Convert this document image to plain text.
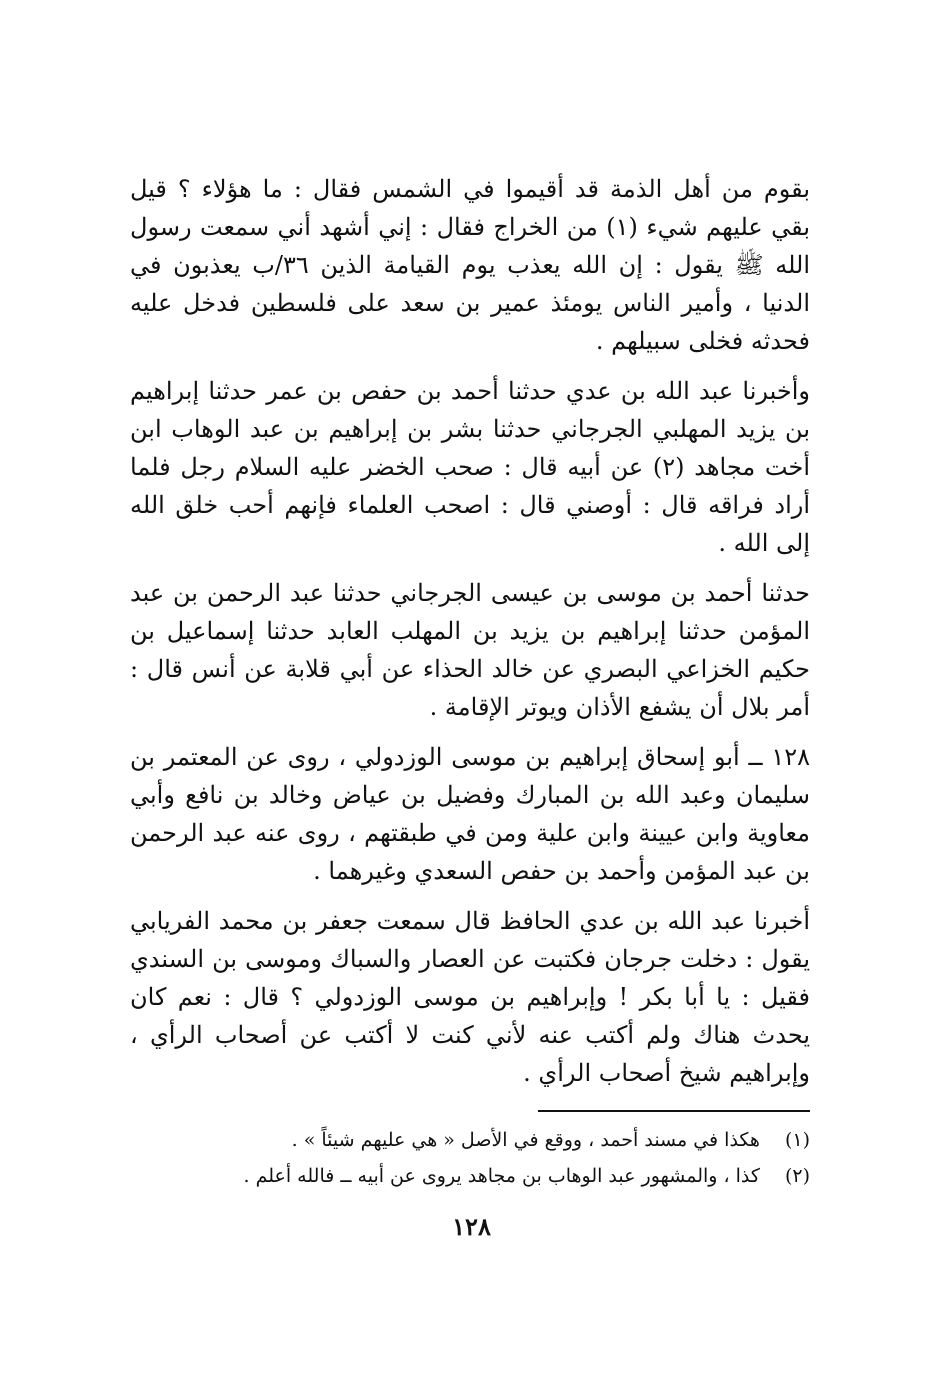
بقوم من أهل الذمة قد أقيموا في الشمس فقال : ما هؤلاء ؟ قيل بقي عليهم شيء (١) من الخراج فقال : إني أشهد أني سمعت رسول الله ﷺ يقول : إن الله يعذب يوم القيامة الذين ٣٦/ب يعذبون في الدنيا ، وأمير الناس يومئذ عمير بن سعد على فلسطين فدخل عليه فحدثه فخلى سبيلهم .

وأخبرنا عبد الله بن عدي حدثنا أحمد بن حفص بن عمر حدثنا إبراهيم بن يزيد المهلبي الجرجاني حدثنا بشر بن إبراهيم بن عبد الوهاب ابن أخت مجاهد (٢) عن أبيه قال : صحب الخضر عليه السلام رجل فلما أراد فراقه قال : أوصني قال : اصحب العلماء فإنهم أحب خلق الله إلى الله .

حدثنا أحمد بن موسى بن عيسى الجرجاني حدثنا عبد الرحمن بن عبد المؤمن حدثنا إبراهيم بن يزيد بن المهلب العابد حدثنا إسماعيل بن حكيم الخزاعي البصري عن خالد الحذاء عن أبي قلابة عن أنس قال : أمر بلال أن يشفع الأذان ويوتر الإقامة .

١٢٨ ــ أبو إسحاق إبراهيم بن موسى الوزدولي ، روى عن المعتمر بن سليمان وعبد الله بن المبارك وفضيل بن عياض وخالد بن نافع وأبي معاوية وابن عيينة وابن علية ومن في طبقتهم ، روى عنه عبد الرحمن بن عبد المؤمن وأحمد بن حفص السعدي وغيرهما .

أخبرنا عبد الله بن عدي الحافظ قال سمعت جعفر بن محمد الفريابي يقول : دخلت جرجان فكتبت عن العصار والسباك وموسى بن السندي فقيل : يا أبا بكر ! وإبراهيم بن موسى الوزدولي ؟ قال : نعم كان يحدث هناك ولم أكتب عنه لأني كنت لا أكتب عن أصحاب الرأي ، وإبراهيم شيخ أصحاب الرأي .

(١) هكذا في مسند أحمد ، ووقع في الأصل « هي عليهم شيئاً » .
(٢) كذا ، والمشهور عبد الوهاب بن مجاهد يروى عن أبيه ــ فالله أعلم .
١٢٨
